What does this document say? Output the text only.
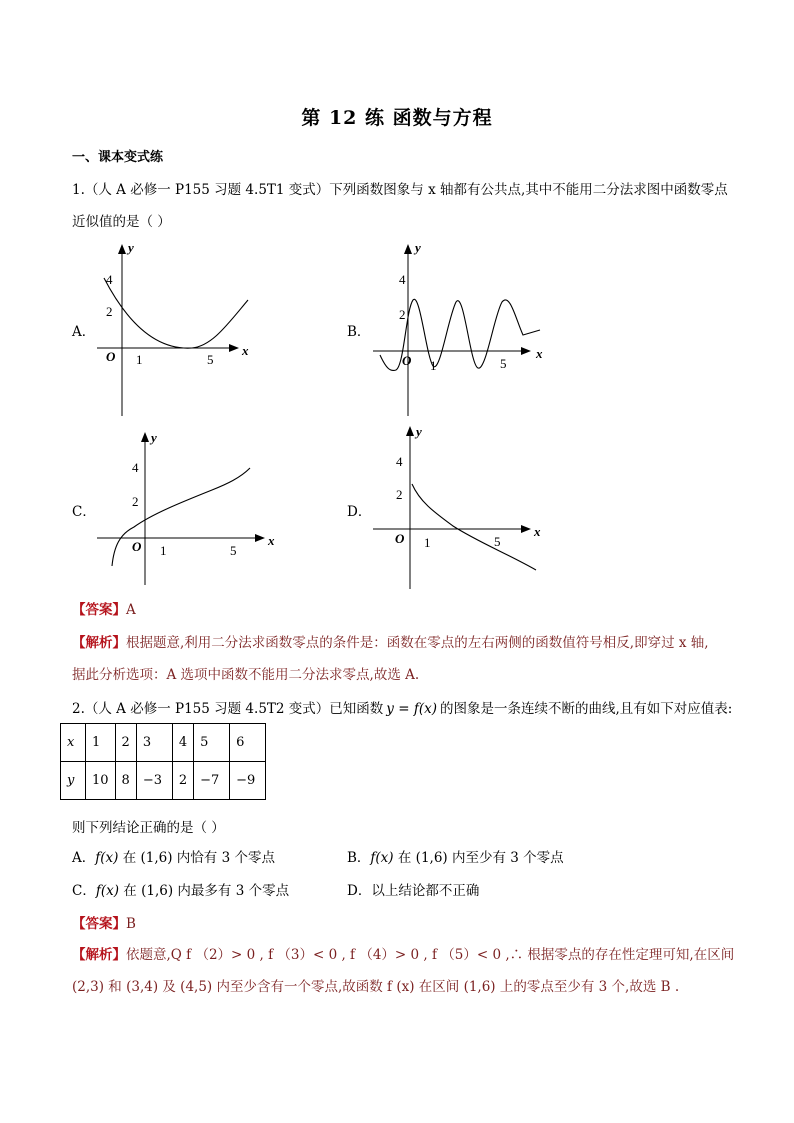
第 12 练 函数与方程
一、课本变式练
1.（人 A 必修一 P155 习题 4.5T1 变式）下列函数图象与 x 轴都有公共点,其中不能用二分法求图中函数零点
近似值的是（ ）
A．
4
2
1	5
O	x
y
B．
4
2
1	5
O	x
y
C．
4
2
1	5
O	x
y
D．
4
2
1	5
O	x
y
【答案】A
【解析】根据题意,利用二分法求函数零点的条件是：函数在零点的左右两侧的函数值符号相反,即穿过 x 轴,
据此分析选项：A 选项中函数不能用二分法求零点,故选 A.
2.（人 A 必修一 P155 习题 4.5T2 变式）已知函数 y = f(x) 的图象是一条连续不断的曲线,且有如下对应值表:
x	1	2	3	4	5	6
y	10	8	−3	2	−7	−9
则下列结论正确的是（ ）
A．f(x) 在 (1,6) 内恰有 3 个零点	B．f(x) 在 (1,6) 内至少有 3 个零点
C．f(x) 在 (1,6) 内最多有 3 个零点	D．以上结论都不正确
【答案】B
【解析】依题意,Q f （2）> 0 , f （3）< 0 , f （4）> 0 , f （5）< 0 ,∴ 根据零点的存在性定理可知,在区间
(2,3) 和 (3,4) 及 (4,5) 内至少含有一个零点,故函数 f (x) 在区间 (1,6) 上的零点至少有 3 个,故选 B .
